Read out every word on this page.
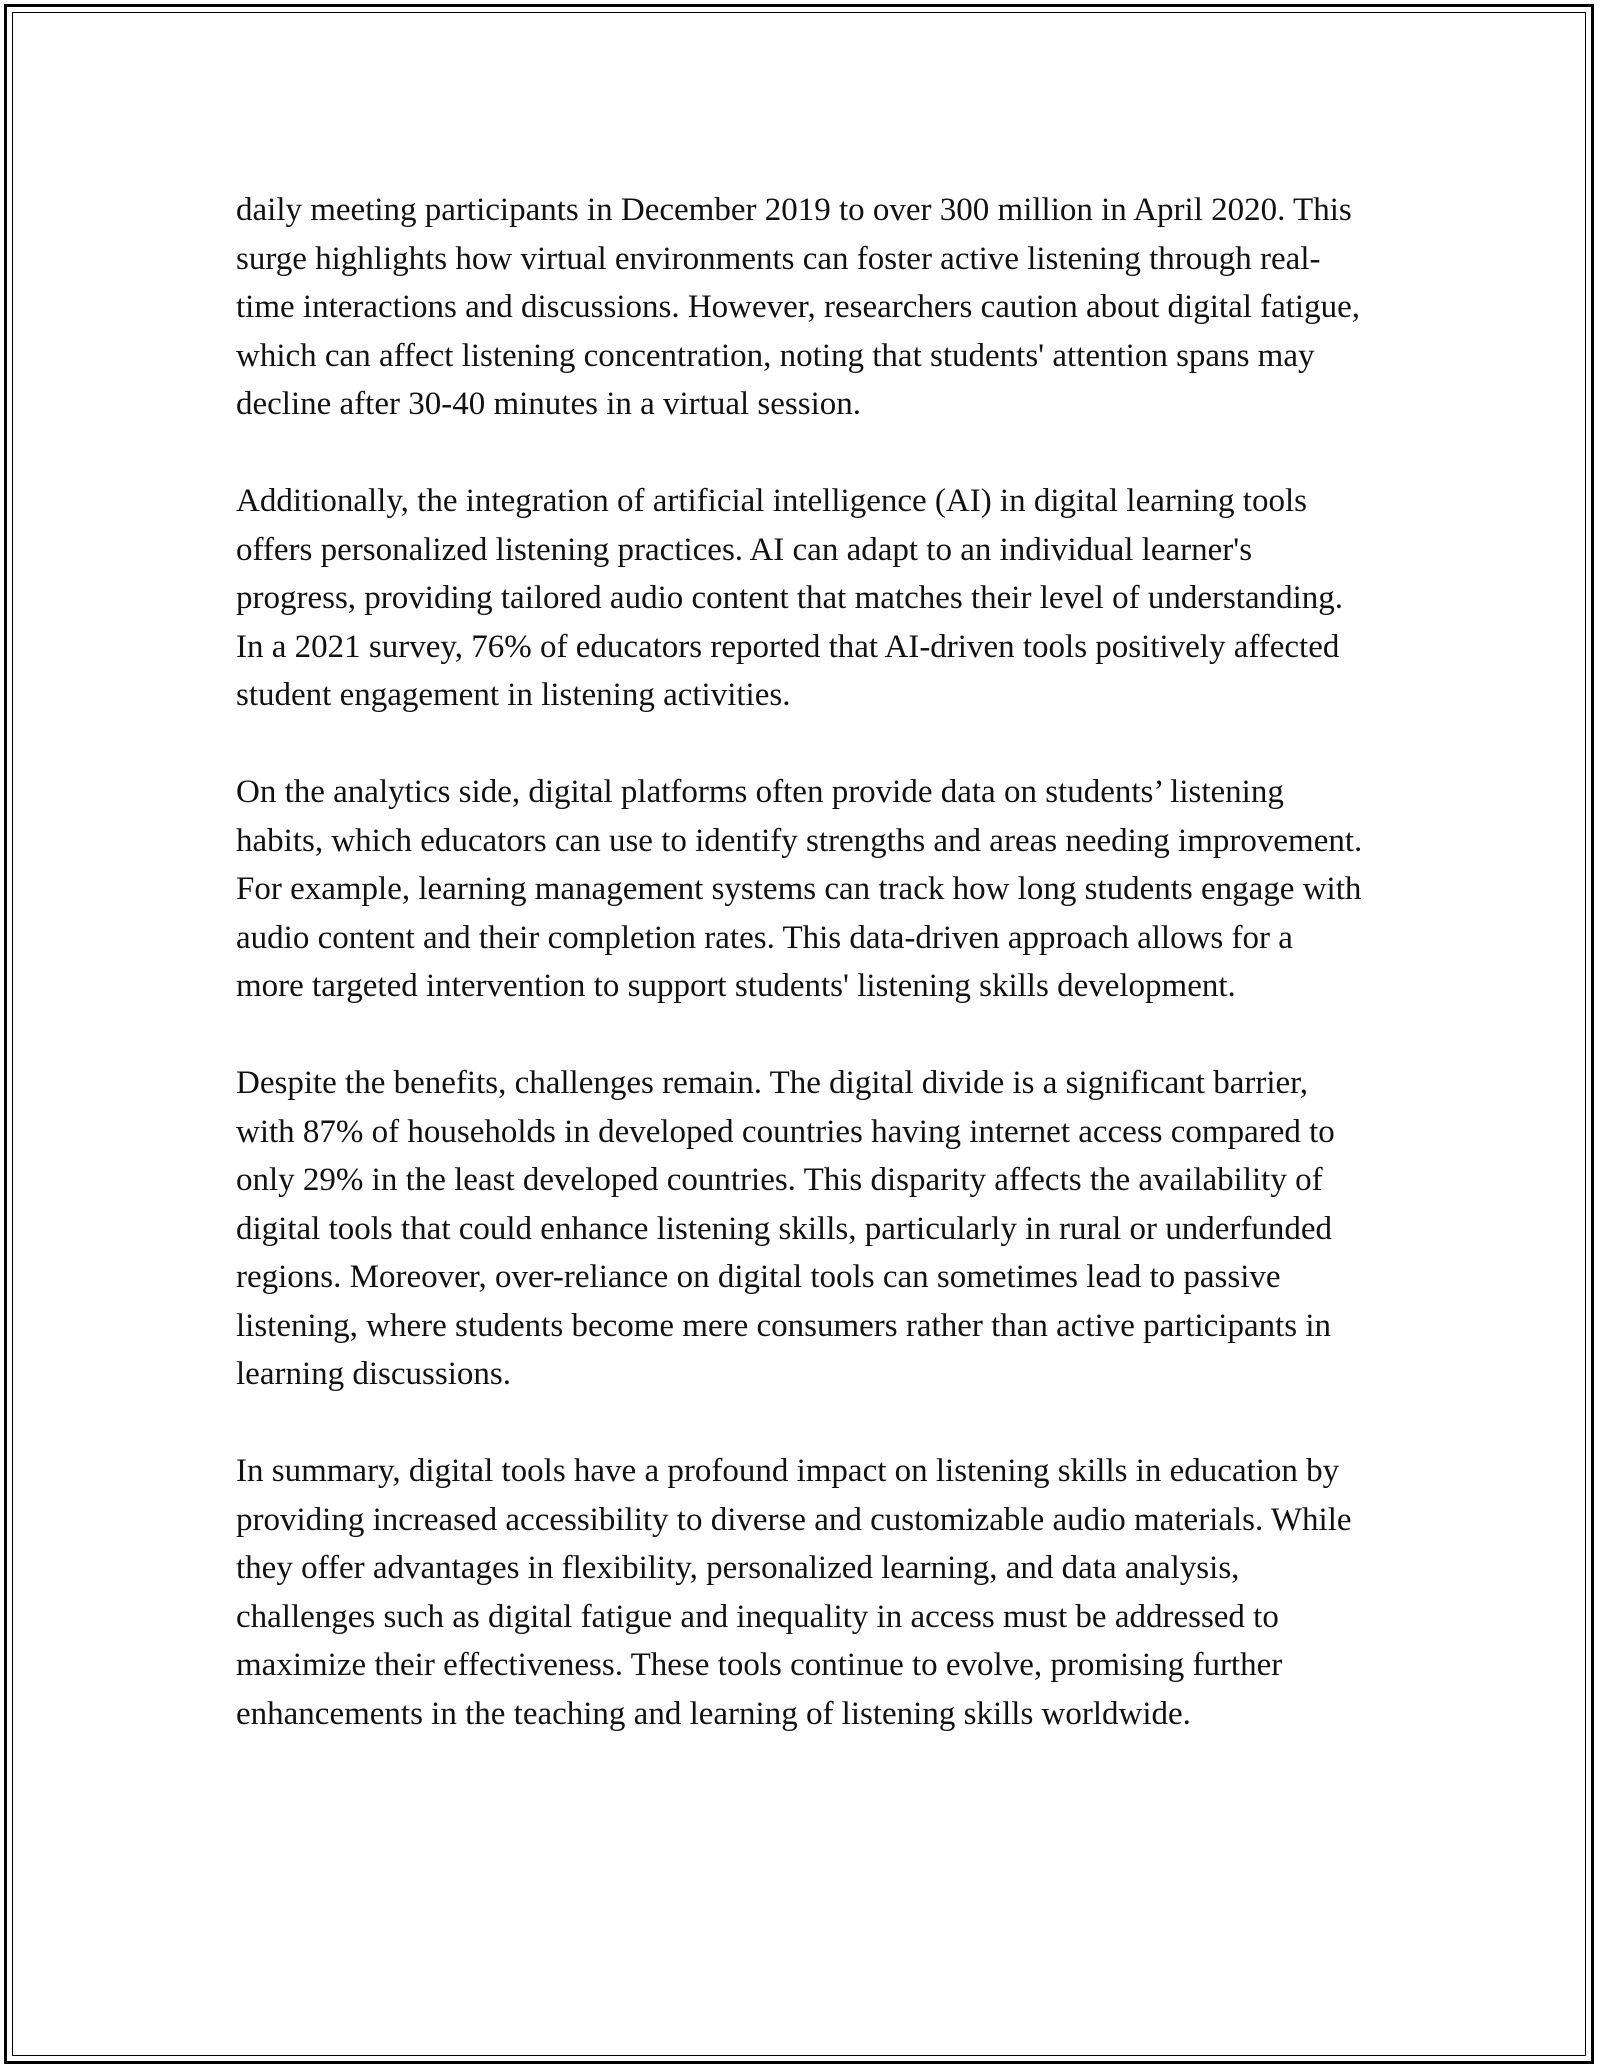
daily meeting participants in December 2019 to over 300 million in April 2020. This surge highlights how virtual environments can foster active listening through real-time interactions and discussions. However, researchers caution about digital fatigue, which can affect listening concentration, noting that students' attention spans may decline after 30-40 minutes in a virtual session.

Additionally, the integration of artificial intelligence (AI) in digital learning tools offers personalized listening practices. AI can adapt to an individual learner's progress, providing tailored audio content that matches their level of understanding. In a 2021 survey, 76% of educators reported that AI-driven tools positively affected student engagement in listening activities.

On the analytics side, digital platforms often provide data on students’ listening habits, which educators can use to identify strengths and areas needing improvement. For example, learning management systems can track how long students engage with audio content and their completion rates. This data-driven approach allows for a more targeted intervention to support students' listening skills development.

Despite the benefits, challenges remain. The digital divide is a significant barrier, with 87% of households in developed countries having internet access compared to only 29% in the least developed countries. This disparity affects the availability of digital tools that could enhance listening skills, particularly in rural or underfunded regions. Moreover, over-reliance on digital tools can sometimes lead to passive listening, where students become mere consumers rather than active participants in learning discussions.

In summary, digital tools have a profound impact on listening skills in education by providing increased accessibility to diverse and customizable audio materials. While they offer advantages in flexibility, personalized learning, and data analysis, challenges such as digital fatigue and inequality in access must be addressed to maximize their effectiveness. These tools continue to evolve, promising further enhancements in the teaching and learning of listening skills worldwide.
